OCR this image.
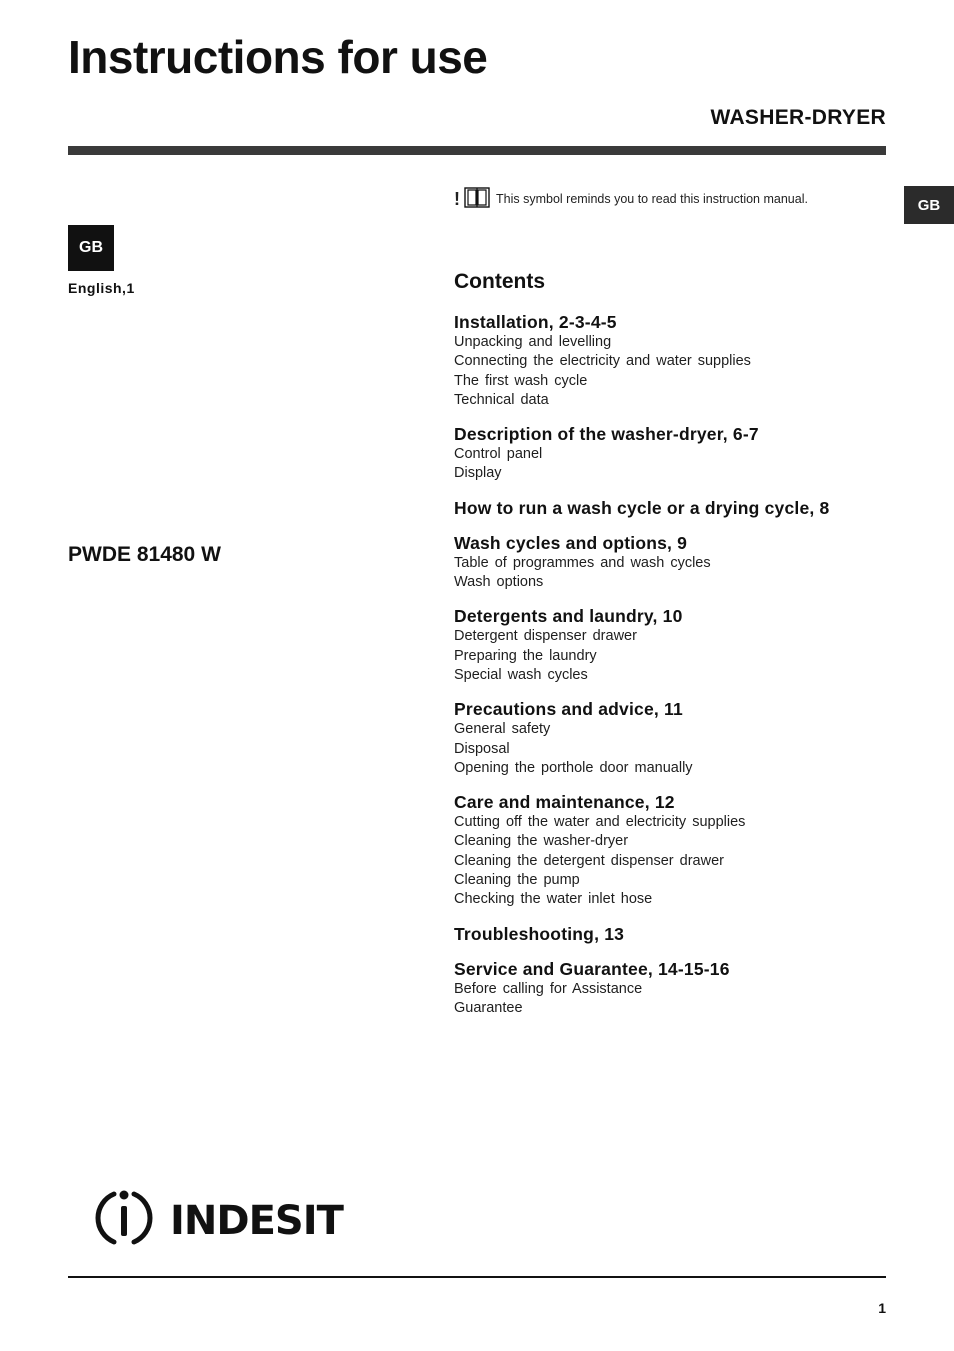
Instructions for use
WASHER-DRYER
GB
GB
English,1
PWDE 81480 W
!	This symbol reminds you to read this instruction manual.
Contents
Installation, 2-3-4-5
Unpacking and levelling
Connecting the electricity and water supplies
The first wash cycle
Technical data
Description of the washer-dryer, 6-7
Control panel
Display
How to run a wash cycle or a drying cycle, 8
Wash cycles and options, 9
Table of programmes and wash cycles
Wash options
Detergents and laundry, 10
Detergent dispenser drawer
Preparing the laundry
Special wash cycles
Precautions and advice, 11
General safety
Disposal
Opening the porthole door manually
Care and maintenance, 12
Cutting off the water and electricity supplies
Cleaning the washer-dryer
Cleaning the detergent dispenser drawer
Cleaning the pump
Checking the water inlet hose
Troubleshooting, 13
Service and Guarantee, 14-15-16
Before calling for Assistance
Guarantee
INDESIT
1
